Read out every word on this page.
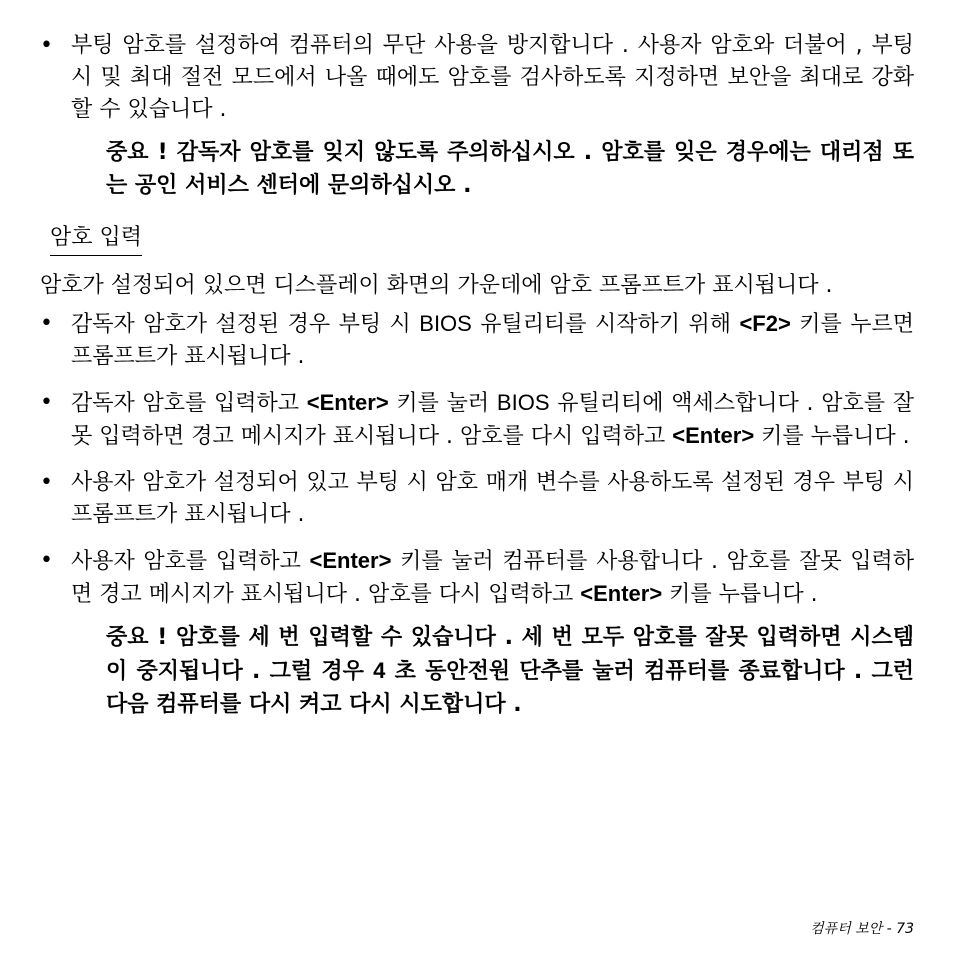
• 부팅 암호를 설정하여 컴퓨터의 무단 사용을 방지합니다 . 사용자 암호와 더불어 , 부팅 시 및 최대 절전 모드에서 나올 때에도 암호를 검사하도록 지정하면 보안을 최대로 강화할 수 있습니다 .

중요 ! 감독자 암호를 잊지 않도록 주의하십시오 . 암호를 잊은 경우에는 대리점 또는 공인 서비스 센터에 문의하십시오 .
암호 입력

암호가 설정되어 있으면 디스플레이 화면의 가운데에 암호 프롬프트가 표시됩니다 .

• 감독자 암호가 설정된 경우 부팅 시 BIOS 유틸리티를 시작하기 위해 <F2> 키를 누르면 프롬프트가 표시됩니다 .

• 감독자 암호를 입력하고 <Enter> 키를 눌러 BIOS 유틸리티에 액세스합니다 . 암호를 잘못 입력하면 경고 메시지가 표시됩니다 . 암호를 다시 입력하고 <Enter> 키를 누릅니다 .

• 사용자 암호가 설정되어 있고 부팅 시 암호 매개 변수를 사용하도록 설정된 경우 부팅 시 프롬프트가 표시됩니다 .

• 사용자 암호를 입력하고 <Enter> 키를 눌러 컴퓨터를 사용합니다 . 암호를 잘못 입력하면 경고 메시지가 표시됩니다 . 암호를 다시 입력하고 <Enter> 키를 누릅니다 .

중요 ! 암호를 세 번 입력할 수 있습니다 . 세 번 모두 암호를 잘못 입력하면 시스템이 중지됩니다 . 그럴 경우 4 초 동안전원 단추를 눌러 컴퓨터를 종료합니다 . 그런 다음 컴퓨터를 다시 켜고 다시 시도합니다 .
컴퓨터 보안 - 73
